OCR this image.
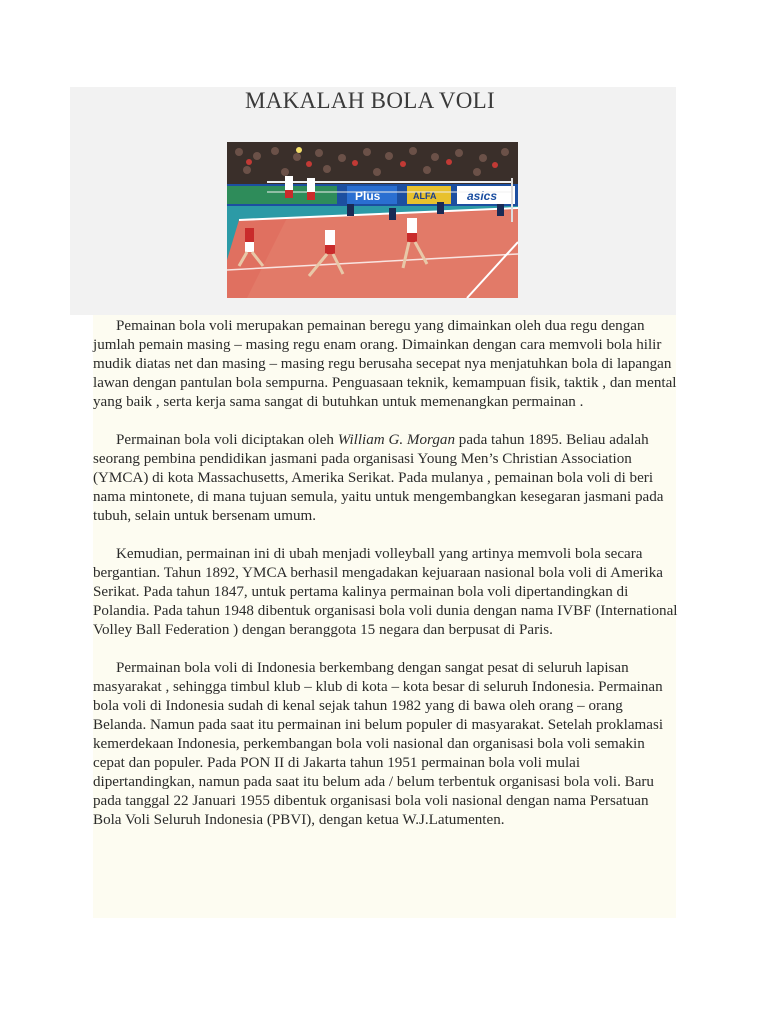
MAKALAH BOLA VOLI
Plus	ALFA	asics

Pemainan bola voli merupakan pemainan beregu yang dimainkan oleh dua regu dengan jumlah pemain masing – masing regu enam orang. Dimainkan dengan cara memvoli bola hilir mudik diatas net dan masing – masing regu berusaha secepat nya menjatuhkan bola di lapangan lawan dengan pantulan bola sempurna. Penguasaan teknik, kemampuan fisik, taktik , dan mental yang baik , serta kerja sama sangat di butuhkan untuk memenangkan permainan .

Permainan bola voli diciptakan oleh William G. Morgan pada tahun 1895. Beliau adalah seorang pembina pendidikan jasmani pada organisasi Young Men’s Christian Association (YMCA) di kota Massachusetts, Amerika Serikat. Pada mulanya , pemainan bola voli di beri nama mintonete, di mana tujuan semula, yaitu untuk mengembangkan kesegaran jasmani pada tubuh, selain untuk bersenam umum.

Kemudian, permainan ini di ubah menjadi volleyball yang artinya memvoli bola secara bergantian. Tahun 1892, YMCA berhasil mengadakan kejuaraan nasional bola voli di Amerika Serikat. Pada tahun 1847, untuk pertama kalinya permainan bola voli dipertandingkan di Polandia. Pada tahun 1948 dibentuk organisasi bola voli dunia dengan nama IVBF (International Volley Ball Federation ) dengan beranggota 15 negara dan berpusat di Paris.

Permainan bola voli di Indonesia berkembang dengan sangat pesat di seluruh lapisan masyarakat , sehingga timbul klub – klub di kota – kota besar di seluruh Indonesia. Permainan bola voli di Indonesia sudah di kenal sejak tahun 1982 yang di bawa oleh orang – orang Belanda. Namun pada saat itu permainan ini belum populer di masyarakat. Setelah proklamasi kemerdekaan Indonesia, perkembangan bola voli nasional dan organisasi bola voli semakin cepat dan populer. Pada PON II di Jakarta tahun 1951 permainan bola voli mulai dipertandingkan, namun pada saat itu belum ada / belum terbentuk organisasi bola voli. Baru pada tanggal 22 Januari 1955 dibentuk organisasi bola voli nasional dengan nama Persatuan Bola Voli Seluruh Indonesia (PBVI), dengan ketua W.J.Latumenten.
